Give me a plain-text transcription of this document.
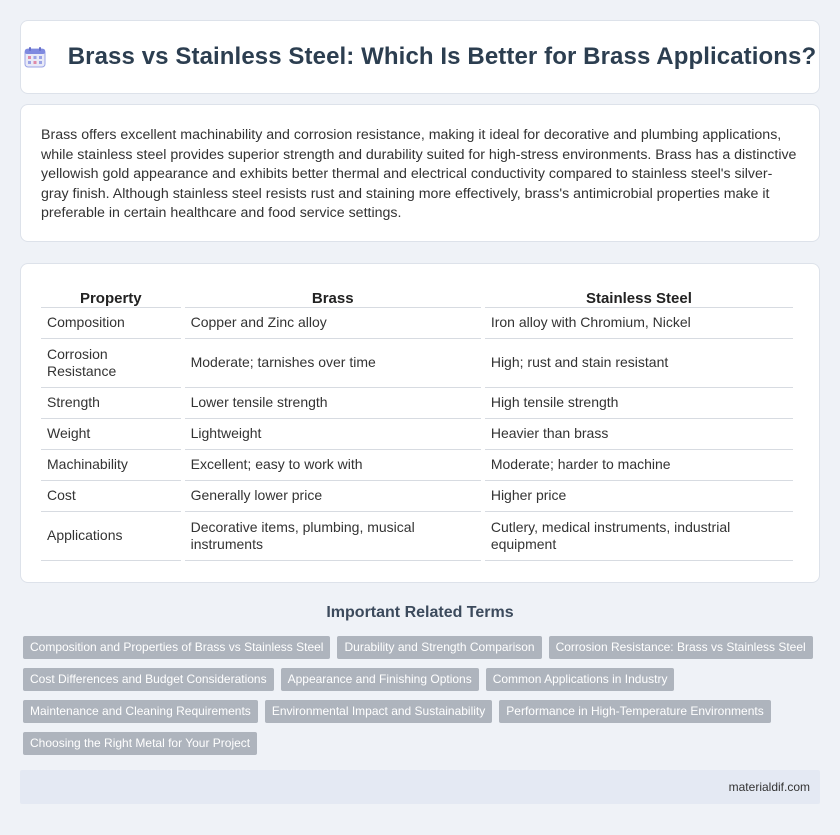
Brass vs Stainless Steel: Which Is Better for Brass Applications?

Brass offers excellent machinability and corrosion resistance, making it ideal for decorative and plumbing applications, while stainless steel provides superior strength and durability suited for high-stress environments. Brass has a distinctive yellowish gold appearance and exhibits better thermal and electrical conductivity compared to stainless steel's silver-gray finish. Although stainless steel resists rust and staining more effectively, brass's antimicrobial properties make it preferable in certain healthcare and food service settings.

Property	Brass	Stainless Steel
Composition	Copper and Zinc alloy	Iron alloy with Chromium, Nickel
Corrosion Resistance	Moderate; tarnishes over time	High; rust and stain resistant
Strength	Lower tensile strength	High tensile strength
Weight	Lightweight	Heavier than brass
Machinability	Excellent; easy to work with	Moderate; harder to machine
Cost	Generally lower price	Higher price
Applications	Decorative items, plumbing, musical instruments	Cutlery, medical instruments, industrial equipment
Important Related Terms
Composition and Properties of Brass vs Stainless Steel	Durability and Strength Comparison	Corrosion Resistance: Brass vs Stainless Steel
Cost Differences and Budget Considerations	Appearance and Finishing Options	Common Applications in Industry
Maintenance and Cleaning Requirements	Environmental Impact and Sustainability	Performance in High-Temperature Environments
Choosing the Right Metal for Your Project
materialdif.com
